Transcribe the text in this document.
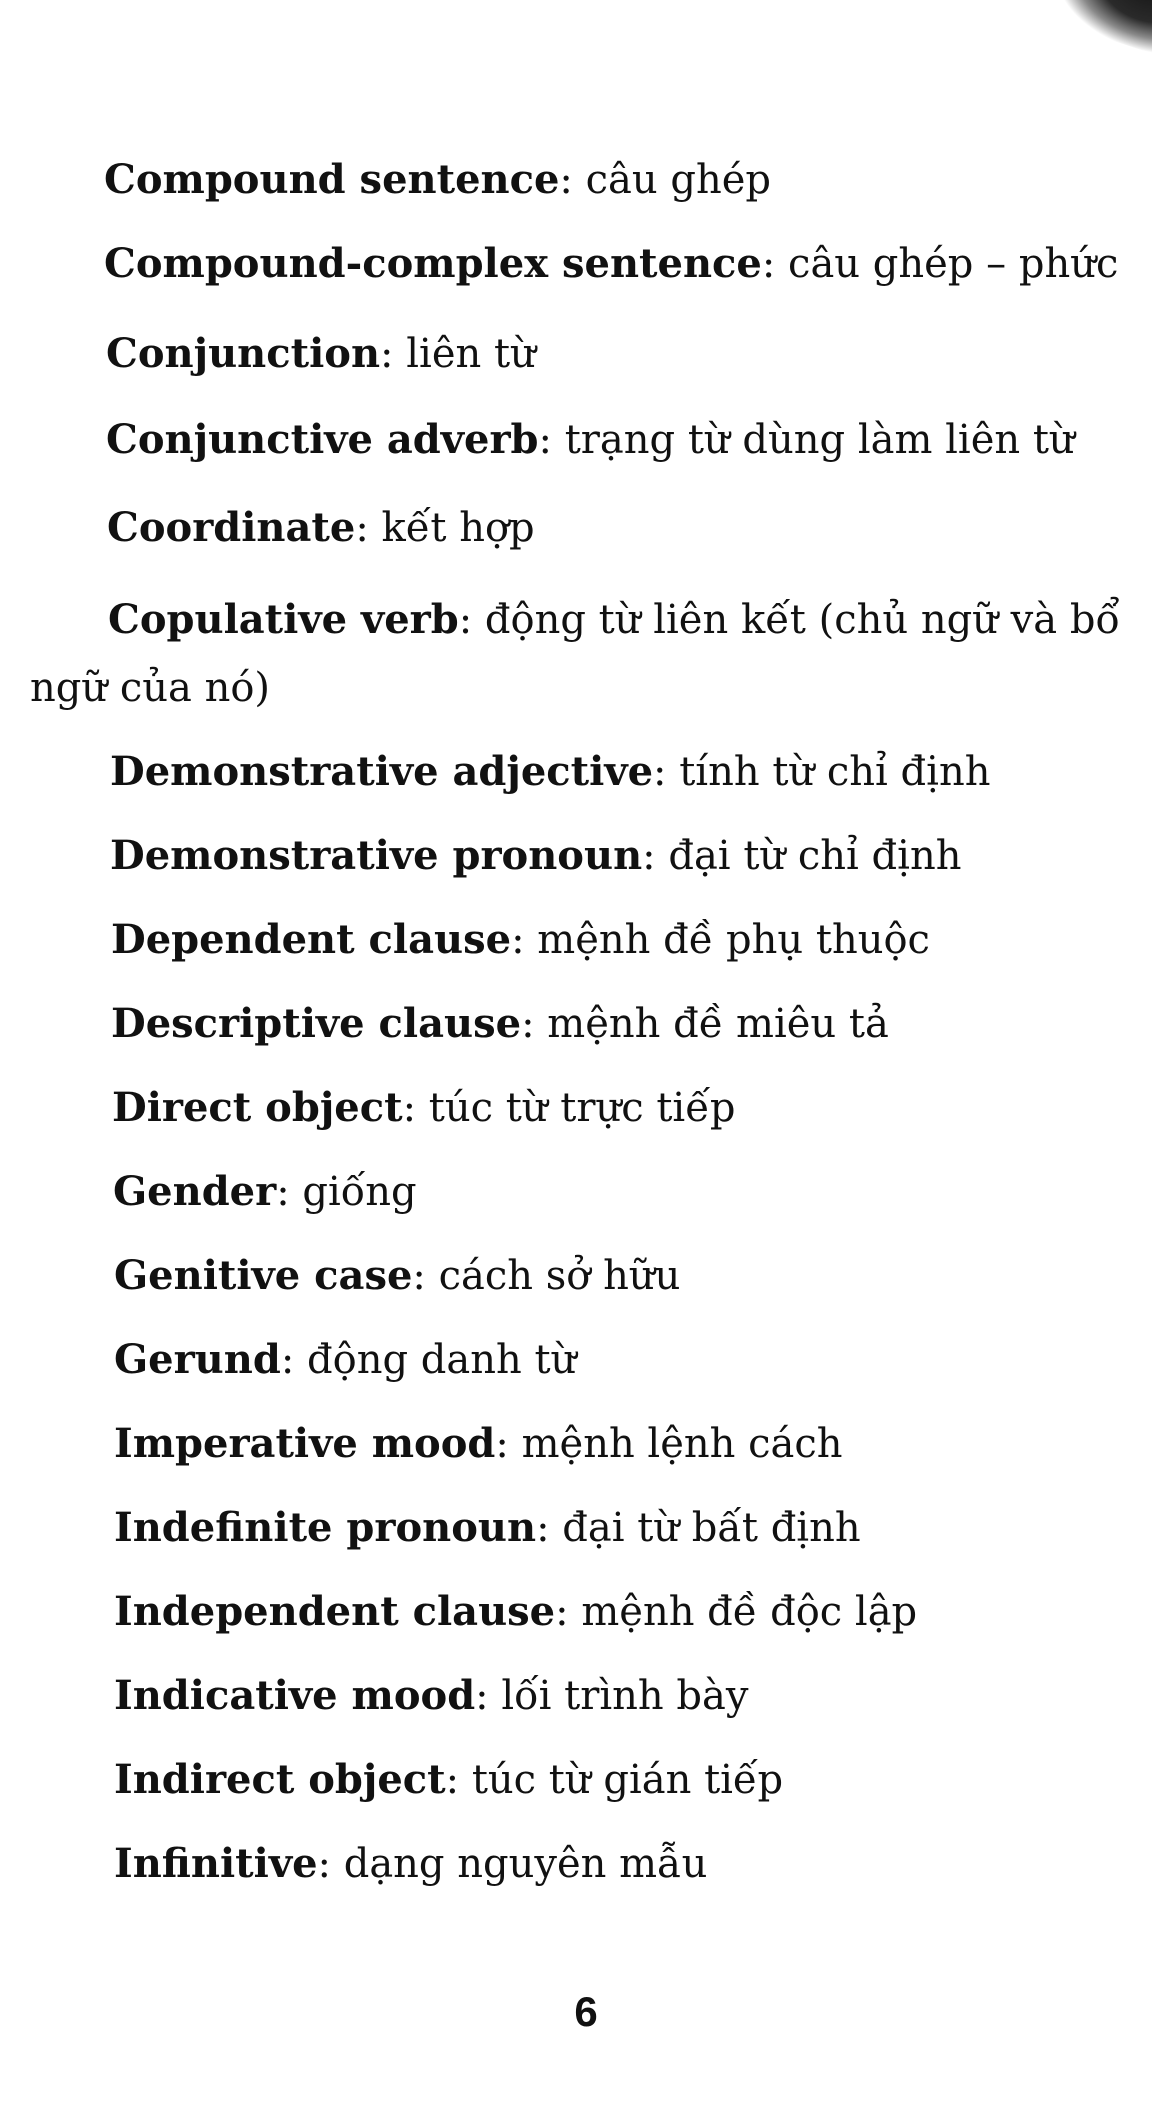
Compound sentence: câu ghép
Compound-complex sentence: câu ghép – phức
Conjunction: liên từ
Conjunctive adverb: trạng từ dùng làm liên từ
Coordinate: kết hợp
Copulative verb: động từ liên kết (chủ ngữ và bổ
ngữ của nó)
Demonstrative adjective: tính từ chỉ định
Demonstrative pronoun: đại từ chỉ định
Dependent clause: mệnh đề phụ thuộc
Descriptive clause: mệnh đề miêu tả
Direct object: túc từ trực tiếp
Gender: giống
Genitive case: cách sở hữu
Gerund: động danh từ
Imperative mood: mệnh lệnh cách
Indefinite pronoun: đại từ bất định
Independent clause: mệnh đề độc lập
Indicative mood: lối trình bày
Indirect object: túc từ gián tiếp
Infinitive: dạng nguyên mẫu
6
